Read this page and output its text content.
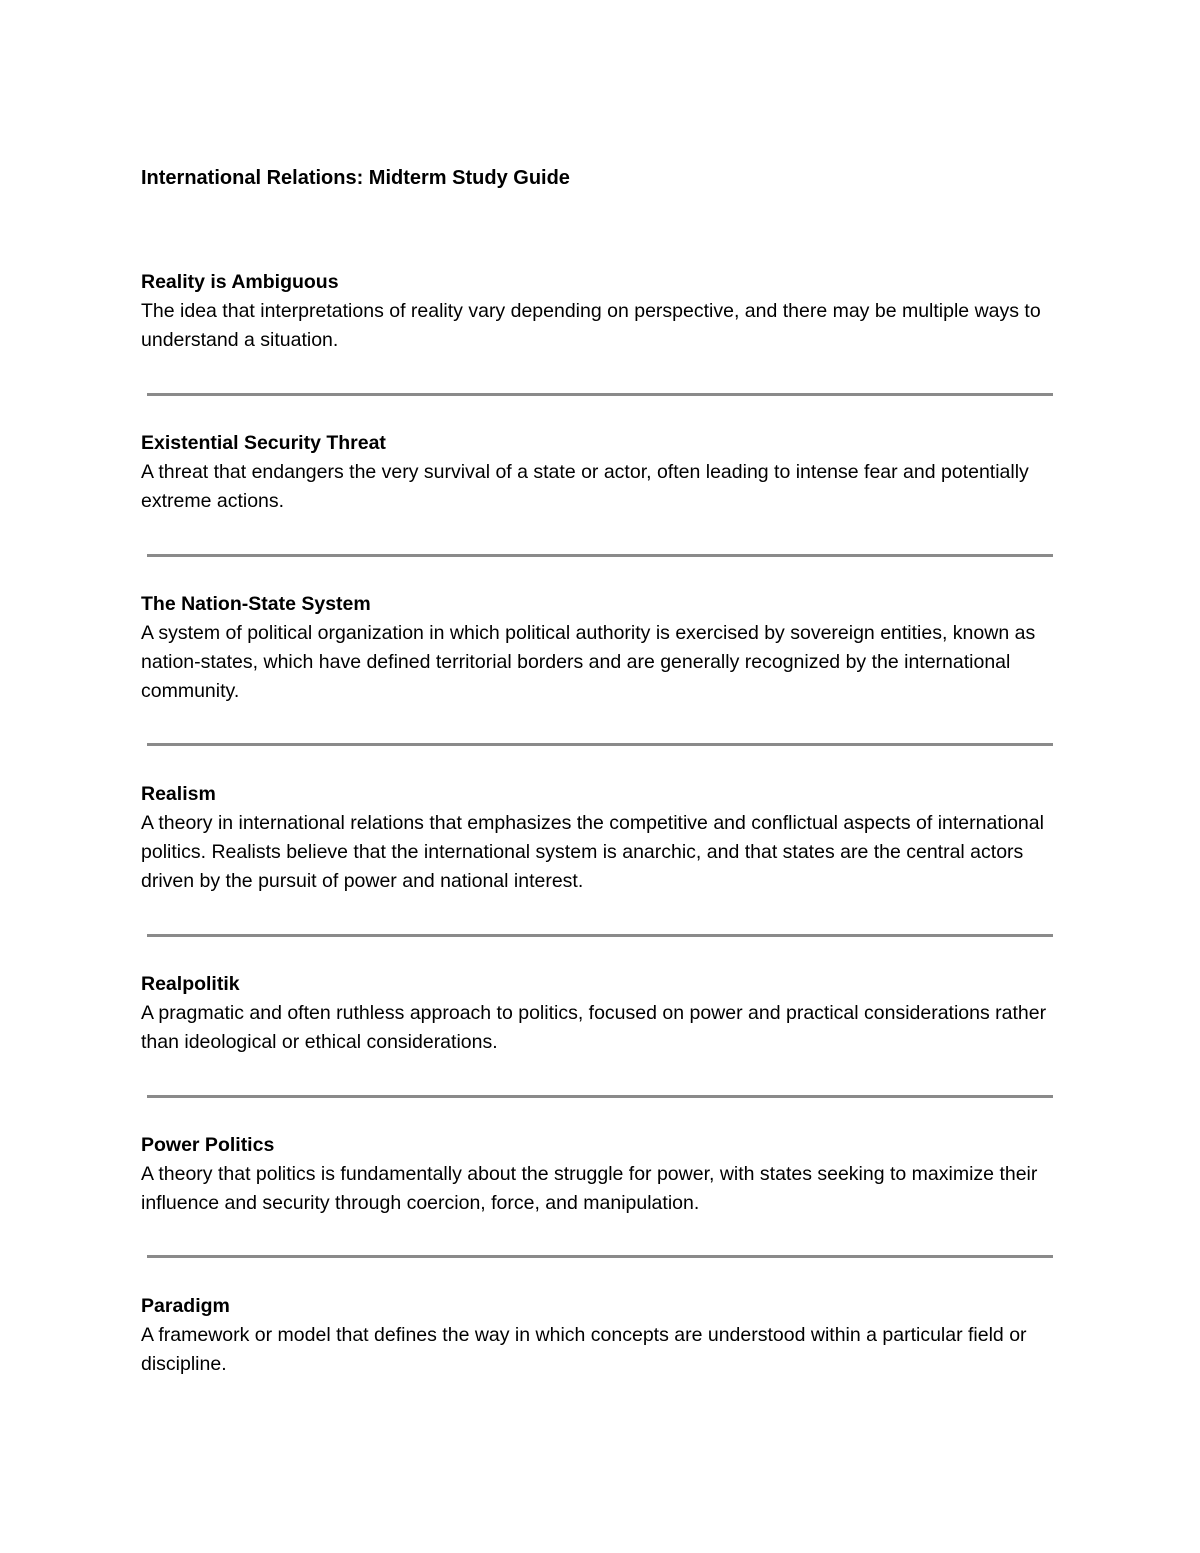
International Relations: Midterm Study Guide
Reality is Ambiguous

The idea that interpretations of reality vary depending on perspective, and there may be multiple ways to understand a situation.

Existential Security Threat

A threat that endangers the very survival of a state or actor, often leading to intense fear and potentially extreme actions.

The Nation-State System

A system of political organization in which political authority is exercised by sovereign entities, known as nation-states, which have defined territorial borders and are generally recognized by the international community.

Realism

A theory in international relations that emphasizes the competitive and conflictual aspects of international politics. Realists believe that the international system is anarchic, and that states are the central actors driven by the pursuit of power and national interest.

Realpolitik

A pragmatic and often ruthless approach to politics, focused on power and practical considerations rather than ideological or ethical considerations.

Power Politics

A theory that politics is fundamentally about the struggle for power, with states seeking to maximize their influence and security through coercion, force, and manipulation.

Paradigm

A framework or model that defines the way in which concepts are understood within a particular field or discipline.
